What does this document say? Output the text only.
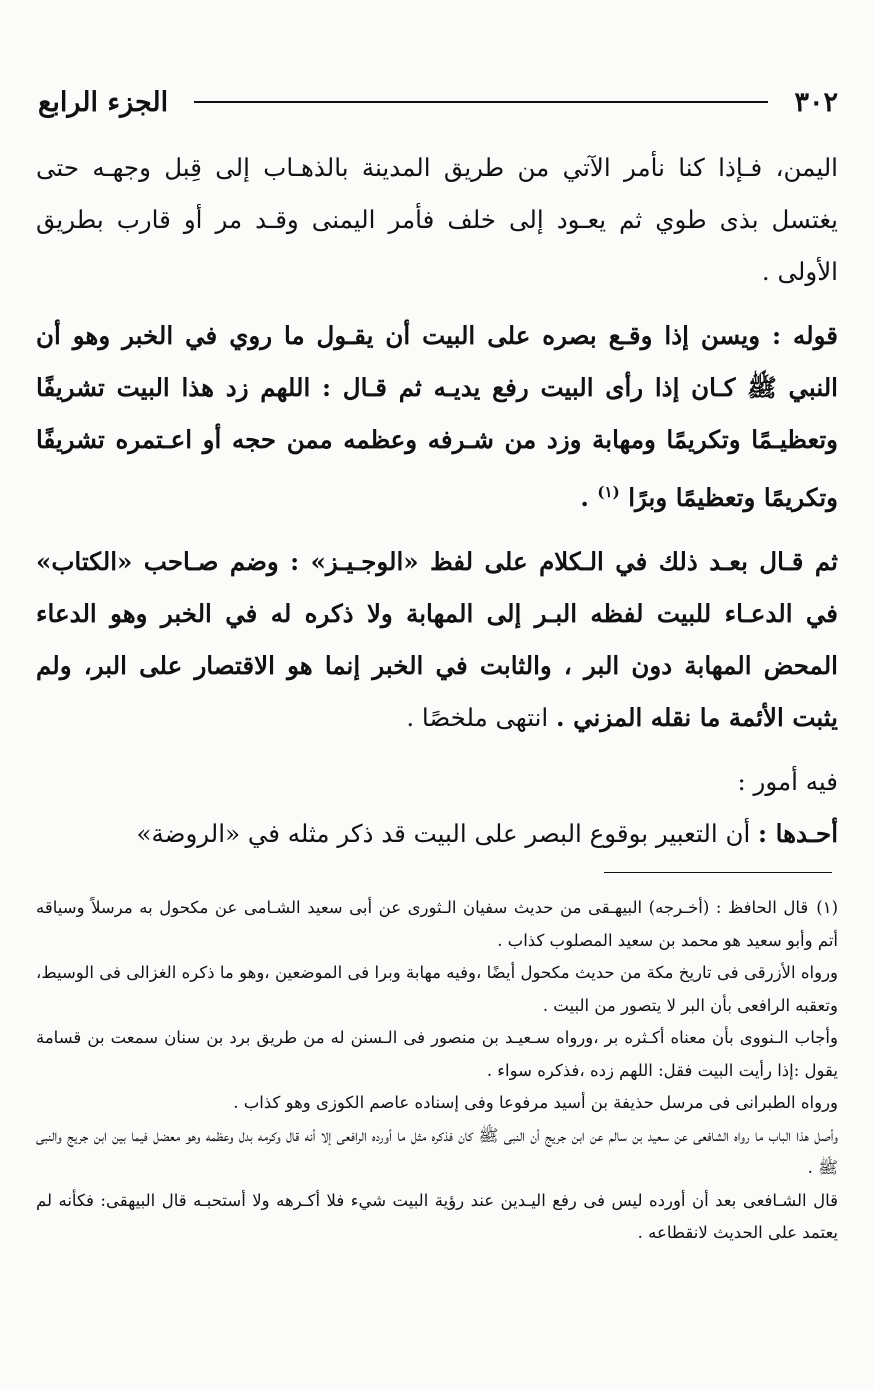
٣٠٢
الجزء الرابع

اليمن، فـإذا كنا نأمر الآتي من طريق المدينة بالذهـاب إلى قِبل وجهـه حتى يغتسل بذى طوي ثم يعـود إلى خلف فأمر اليمنى وقـد مر أو قارب بطريق الأولى .

قوله : ويسن إذا وقـع بصره على البيت أن يقـول ما روي في الخبر وهو أن النبي ﷺ كـان إذا رأى البيت رفع يديـه ثم قـال : اللهم زد هذا البيت تشريفًا وتعظيـمًا وتكريمًا ومهابة وزد من شـرفه وعظمه ممن حجه أو اعـتمره تشريفًا وتكريمًا وتعظيمًا وبرًا $^{(١)}$ .

ثم قـال بعـد ذلك في الـكلام على لفظ «الوجـيـز» : وضم صـاحب «الكتاب» في الدعـاء للبيت لفظه البـر إلى المهابة ولا ذكره له في الخبر وهو الدعاء المحض المهابة دون البر ، والثابت في الخبر إنما هو الاقتصار على البر، ولم يثبت الأئمة ما نقله المزني . انتهى ملخصًا .

فيه أمور :

أحـدها : أن التعبير بوقوع البصر على البيت قد ذكر مثله في «الروضة»

(١)قال الحافظ : (أخـرجه) البيهـقى من حديث سفيان الـثورى عن أبى سعيد الشـامى عن مكحول به مرسلاً وسياقه أتم وأبو سعيد هو محمد بن سعيد المصلوب كذاب .

ورواه الأزرقى فى تاريخ مكة من حديث مكحول أيضًا ،وفيه مهابة وبرا فى الموضعين ،وهو ما ذكره الغزالى فى الوسيط، وتعقبه الرافعى بأن البر لا يتصور من البيت .

وأجاب الـنووى بأن معناه أكـثره بر ،ورواه سـعيـد بن منصور فى الـسنن له من طريق برد بن سنان سمعت بن قسامة يقول :إذا رأيت البيت فقل: اللهم زده ،فذكره سواء .

ورواه الطبرانى فى مرسل حذيفة بن أسيد مرفوعا وفى إسناده عاصم الكوزى وهو كذاب .

وأصل هذا الباب ما رواه الشافعى عن سعيد بن سالم عن ابن جريج أن النبى ﷺ كان فذكره مثل ما أورده الرافعى إلا أنه قال وكرمه بدل وعظمه وهو معضل فيما بين ابن جريج والنبى ﷺ .

قال الشـافعى بعد أن أورده ليس فى رفع اليـدين عند رؤية البيت شيء فلا أكـرهه ولا أستحبـه قال البيهقى: فكأنه لم يعتمد على الحديث لانقطاعه .
